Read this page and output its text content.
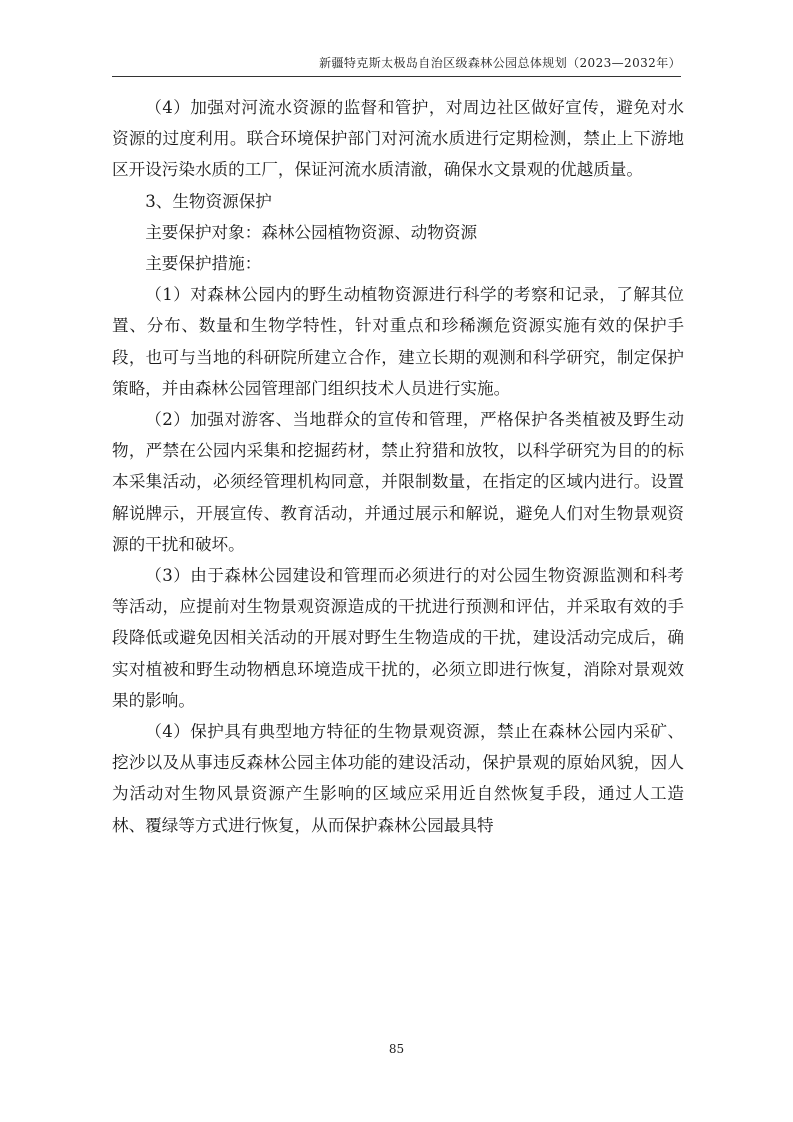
新疆特克斯太极岛自治区级森林公园总体规划（2023—2032年）

（4）加强对河流水资源的监督和管护，对周边社区做好宣传，避免对水资源的过度利用。联合环境保护部门对河流水质进行定期检测，禁止上下游地区开设污染水质的工厂，保证河流水质清澈，确保水文景观的优越质量。

3、生物资源保护

主要保护对象：森林公园植物资源、动物资源

主要保护措施：

（1）对森林公园内的野生动植物资源进行科学的考察和记录，了解其位置、分布、数量和生物学特性，针对重点和珍稀濒危资源实施有效的保护手段，也可与当地的科研院所建立合作，建立长期的观测和科学研究，制定保护策略，并由森林公园管理部门组织技术人员进行实施。

（2）加强对游客、当地群众的宣传和管理，严格保护各类植被及野生动物，严禁在公园内采集和挖掘药材，禁止狩猎和放牧，以科学研究为目的的标本采集活动，必须经管理机构同意，并限制数量，在指定的区域内进行。设置解说牌示，开展宣传、教育活动，并通过展示和解说，避免人们对生物景观资源的干扰和破坏。

（3）由于森林公园建设和管理而必须进行的对公园生物资源监测和科考等活动，应提前对生物景观资源造成的干扰进行预测和评估，并采取有效的手段降低或避免因相关活动的开展对野生生物造成的干扰，建设活动完成后，确实对植被和野生动物栖息环境造成干扰的，必须立即进行恢复，消除对景观效果的影响。

（4）保护具有典型地方特征的生物景观资源，禁止在森林公园内采矿、挖沙以及从事违反森林公园主体功能的建设活动，保护景观的原始风貌，因人为活动对生物风景资源产生影响的区域应采用近自然恢复手段，通过人工造林、覆绿等方式进行恢复，从而保护森林公园最具特

85
